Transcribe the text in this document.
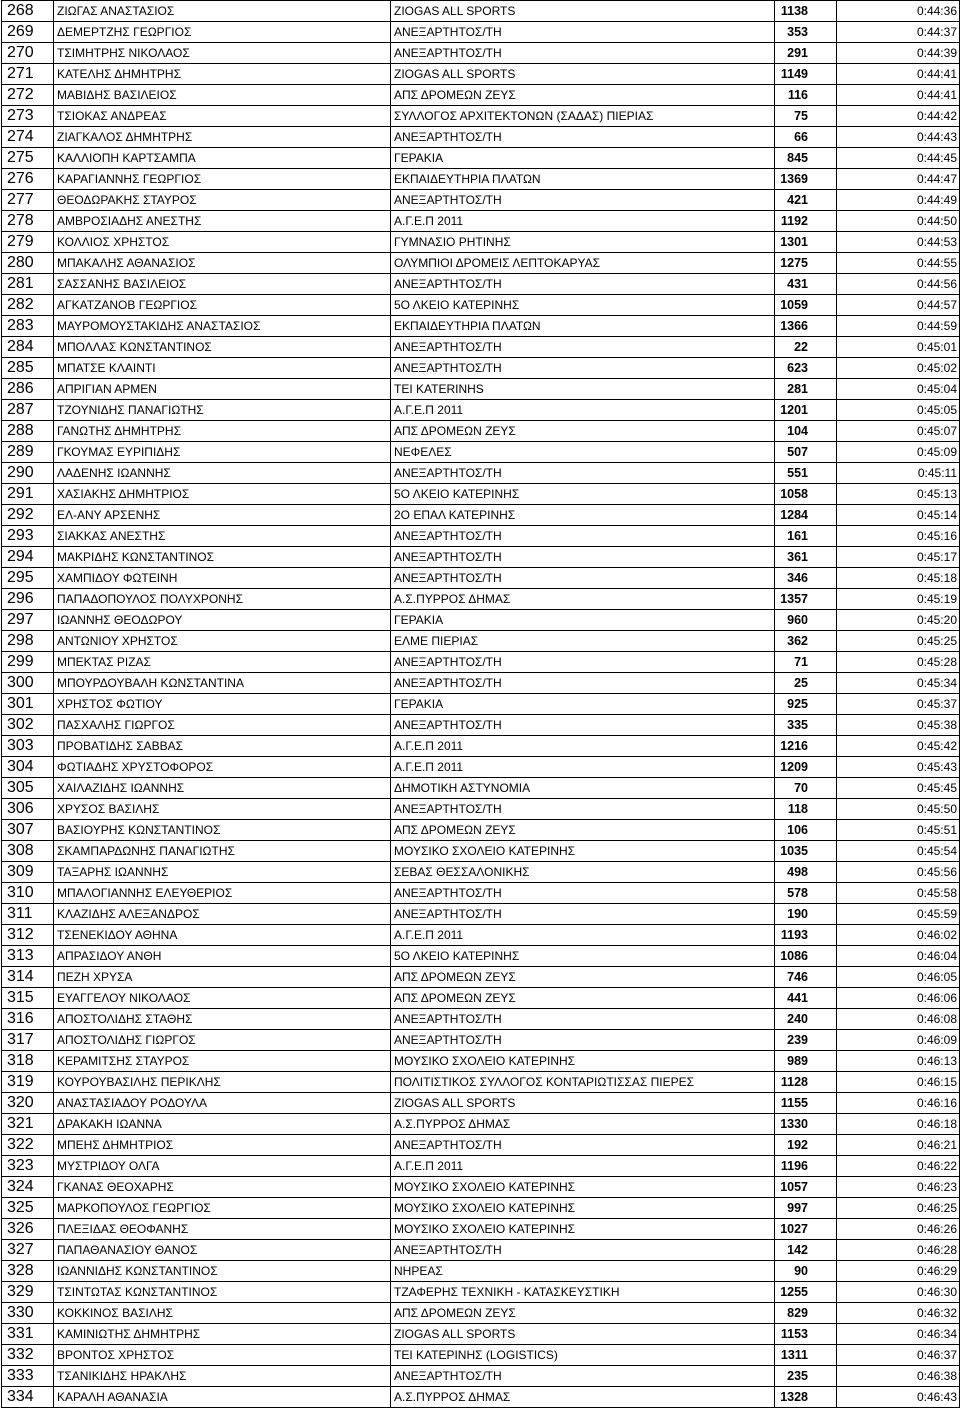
268	ΖΙΩΓΑΣ ΑΝΑΣΤΑΣΙΟΣ	ZIOGAS ALL SPORTS	1138	0:44:36
269	ΔΕΜΕΡΤΖΗΣ ΓΕΩΡΓΙΟΣ	ΑΝΕΞΑΡΤΗΤΟΣ/ΤΗ	353	0:44:37
270	ΤΣΙΜΗΤΡΗΣ ΝΙΚΟΛΑΟΣ	ΑΝΕΞΑΡΤΗΤΟΣ/ΤΗ	291	0:44:39
271	ΚΑΤΕΛΗΣ ΔΗΜΗΤΡΗΣ	ZIOGAS ALL SPORTS	1149	0:44:41
272	ΜΑΒΙΔΗΣ ΒΑΣΙΛΕΙΟΣ	ΑΠΣ ΔΡΟΜΕΩΝ ΖΕΥΣ	116	0:44:41
273	ΤΣΙΟΚΑΣ ΑΝΔΡΕΑΣ	ΣΥΛΛΟΓΟΣ ΑΡΧΙΤΕΚΤΟΝΩΝ (ΣΑΔΑΣ) ΠΙΕΡΙΑΣ	75	0:44:42
274	ΖΙΑΓΚΑΛΟΣ ΔΗΜΗΤΡΗΣ	ΑΝΕΞΑΡΤΗΤΟΣ/ΤΗ	66	0:44:43
275	ΚΑΛΛΙΟΠΗ ΚΑΡΤΣΑΜΠΑ	ΓΕΡΑΚΙΑ	845	0:44:45
276	ΚΑΡΑΓΙΑΝΝΗΣ ΓΕΩΡΓΙΟΣ	ΕΚΠΑΙΔΕΥΤΗΡΙΑ ΠΛΑΤΩΝ	1369	0:44:47
277	ΘΕΟΔΩΡΑΚΗΣ ΣΤΑΥΡΟΣ	ΑΝΕΞΑΡΤΗΤΟΣ/ΤΗ	421	0:44:49
278	ΑΜΒΡΟΣΙΑΔΗΣ ΑΝΕΣΤΗΣ	Α.Γ.Ε.Π 2011	1192	0:44:50
279	ΚΟΛΛΙΟΣ ΧΡΗΣΤΟΣ	ΓΥΜΝΑΣΙΟ ΡΗΤΙΝΗΣ	1301	0:44:53
280	ΜΠΑΚΑΛΗΣ ΑΘΑΝΑΣΙΟΣ	ΟΛΥΜΠΙΟΙ ΔΡΟΜΕΙΣ ΛΕΠΤΟΚΑΡΥΑΣ	1275	0:44:55
281	ΣΑΣΣΑΝΗΣ ΒΑΣΙΛΕΙΟΣ	ΑΝΕΞΑΡΤΗΤΟΣ/ΤΗ	431	0:44:56
282	ΑΓΚΑΤΖΑΝΟΒ ΓΕΩΡΓΙΟΣ	5Ο ΛΚΕΙΟ ΚΑΤΕΡΙΝΗΣ	1059	0:44:57
283	ΜΑΥΡΟΜΟΥΣΤΑΚΙΔΗΣ ΑΝΑΣΤΑΣΙΟΣ	ΕΚΠΑΙΔΕΥΤΗΡΙΑ ΠΛΑΤΩΝ	1366	0:44:59
284	ΜΠΟΛΛΑΣ ΚΩΝΣΤΑΝΤΙΝΟΣ	ΑΝΕΞΑΡΤΗΤΟΣ/ΤΗ	22	0:45:01
285	ΜΠΑΤΣΕ ΚΛΑΙΝΤΙ	ΑΝΕΞΑΡΤΗΤΟΣ/ΤΗ	623	0:45:02
286	ΑΠΡΙΓΙΑΝ ΑΡΜΕΝ	ΤΕΙ KATERINHS	281	0:45:04
287	ΤΖΟΥΝΙΔΗΣ ΠΑΝΑΓΙΩΤΗΣ	Α.Γ.Ε.Π 2011	1201	0:45:05
288	ΓΑΝΩΤΗΣ ΔΗΜΗΤΡΗΣ	ΑΠΣ ΔΡΟΜΕΩΝ ΖΕΥΣ	104	0:45:07
289	ΓΚΟΥΜΑΣ ΕΥΡΙΠΙΔΗΣ	ΝΕΦΕΛΕΣ	507	0:45:09
290	ΛΑΔΕΝΗΣ ΙΩΑΝΝΗΣ	ΑΝΕΞΑΡΤΗΤΟΣ/ΤΗ	551	0:45:11
291	ΧΑΣΙΑΚΗΣ ΔΗΜΗΤΡΙΟΣ	5Ο ΛΚΕΙΟ ΚΑΤΕΡΙΝΗΣ	1058	0:45:13
292	ΕΛ-ΑΝΥ ΑΡΣΕΝΗΣ	2Ο ΕΠΑΛ ΚΑΤΕΡΙΝΗΣ	1284	0:45:14
293	ΣΙΑΚΚΑΣ ΑΝΕΣΤΗΣ	ΑΝΕΞΑΡΤΗΤΟΣ/ΤΗ	161	0:45:16
294	ΜΑΚΡΙΔΗΣ ΚΩΝΣΤΑΝΤΙΝΟΣ	ΑΝΕΞΑΡΤΗΤΟΣ/ΤΗ	361	0:45:17
295	ΧΑΜΠΙΔΟΥ ΦΩΤΕΙΝΗ	ΑΝΕΞΑΡΤΗΤΟΣ/ΤΗ	346	0:45:18
296	ΠΑΠΑΔΟΠΟΥΛΟΣ ΠΟΛΥΧΡΟΝΗΣ	Α.Σ.ΠΥΡΡΟΣ ΔΗΜΑΣ	1357	0:45:19
297	ΙΩΑΝΝΗΣ ΘΕΟΔΩΡΟΥ	ΓΕΡΑΚΙΑ	960	0:45:20
298	ΑΝΤΩΝΙΟΥ ΧΡΗΣΤΟΣ	ΕΛΜΕ ΠΙΕΡΙΑΣ	362	0:45:25
299	ΜΠΕΚΤΑΣ ΡΙΖΑΣ	ΑΝΕΞΑΡΤΗΤΟΣ/ΤΗ	71	0:45:28
300	ΜΠΟΥΡΔΟΥΒΑΛΗ ΚΩΝΣΤΑΝΤΙΝΑ	ΑΝΕΞΑΡΤΗΤΟΣ/ΤΗ	25	0:45:34
301	ΧΡΗΣΤΟΣ ΦΩΤΙΟΥ	ΓΕΡΑΚΙΑ	925	0:45:37
302	ΠΑΣΧΑΛΗΣ ΓΙΩΡΓΟΣ	ΑΝΕΞΑΡΤΗΤΟΣ/ΤΗ	335	0:45:38
303	ΠΡΟΒΑΤΙΔΗΣ ΣΑΒΒΑΣ	Α.Γ.Ε.Π 2011	1216	0:45:42
304	ΦΩΤΙΑΔΗΣ ΧΡΥΣΤΟΦΟΡΟΣ	Α.Γ.Ε.Π 2011	1209	0:45:43
305	ΧΑΙΛΑΖΙΔΗΣ ΙΩΑΝΝΗΣ	ΔΗΜΟΤΙΚΗ ΑΣΤΥΝΟΜΙΑ	70	0:45:45
306	ΧΡΥΣΟΣ ΒΑΣΙΛΗΣ	ΑΝΕΞΑΡΤΗΤΟΣ/ΤΗ	118	0:45:50
307	ΒΑΣΙΟΥΡΗΣ ΚΩΝΣΤΑΝΤΙΝΟΣ	ΑΠΣ ΔΡΟΜΕΩΝ ΖΕΥΣ	106	0:45:51
308	ΣΚΑΜΠΑΡΔΩΝΗΣ ΠΑΝΑΓΙΩΤΗΣ	ΜΟΥΣΙΚΟ ΣΧΟΛΕΙΟ ΚΑΤΕΡΙΝΗΣ	1035	0:45:54
309	ΤΑΞΑΡΗΣ ΙΩΑΝΝΗΣ	ΣΕΒΑΣ ΘΕΣΣΑΛΟΝΙΚΗΣ	498	0:45:56
310	ΜΠΑΛΟΓΙΑΝΝΗΣ ΕΛΕΥΘΕΡΙΟΣ	ΑΝΕΞΑΡΤΗΤΟΣ/ΤΗ	578	0:45:58
311	ΚΛΑΖΙΔΗΣ ΑΛΕΞΑΝΔΡΟΣ	ΑΝΕΞΑΡΤΗΤΟΣ/ΤΗ	190	0:45:59
312	ΤΣΕΝΕΚΙΔΟΥ ΑΘΗΝΑ	Α.Γ.Ε.Π 2011	1193	0:46:02
313	ΑΠΡΑΣΙΔΟΥ ΑΝΘΗ	5Ο ΛΚΕΙΟ ΚΑΤΕΡΙΝΗΣ	1086	0:46:04
314	ΠΕΖΗ ΧΡΥΣΑ	ΑΠΣ ΔΡΟΜΕΩΝ ΖΕΥΣ	746	0:46:05
315	ΕΥΑΓΓΕΛΟΥ ΝΙΚΟΛΑΟΣ	ΑΠΣ ΔΡΟΜΕΩΝ ΖΕΥΣ	441	0:46:06
316	ΑΠΟΣΤΟΛΙΔΗΣ ΣΤΑΘΗΣ	ΑΝΕΞΑΡΤΗΤΟΣ/ΤΗ	240	0:46:08
317	ΑΠΟΣΤΟΛΙΔΗΣ ΓΙΩΡΓΟΣ	ΑΝΕΞΑΡΤΗΤΟΣ/ΤΗ	239	0:46:09
318	ΚΕΡΑΜΙΤΣΗΣ ΣΤΑΥΡΟΣ	ΜΟΥΣΙΚΟ ΣΧΟΛΕΙΟ ΚΑΤΕΡΙΝΗΣ	989	0:46:13
319	ΚΟΥΡΟΥΒΑΣΙΛΗΣ ΠΕΡΙΚΛΗΣ	ΠΟΛΙΤΙΣΤΙΚΟΣ ΣΥΛΛΟΓΟΣ ΚΟΝΤΑΡΙΩΤΙΣΣΑΣ ΠΙΕΡΕΣ	1128	0:46:15
320	ΑΝΑΣΤΑΣΙΑΔΟΥ ΡΟΔΟΥΛΑ	ZIOGAS ALL SPORTS	1155	0:46:16
321	ΔΡΑΚΑΚΗ ΙΩΑΝΝΑ	Α.Σ.ΠΥΡΡΟΣ ΔΗΜΑΣ	1330	0:46:18
322	ΜΠΕΗΣ ΔΗΜΗΤΡΙΟΣ	ΑΝΕΞΑΡΤΗΤΟΣ/ΤΗ	192	0:46:21
323	ΜΥΣΤΡΙΔΟΥ ΟΛΓΑ	Α.Γ.Ε.Π 2011	1196	0:46:22
324	ΓΚΑΝΑΣ ΘΕΟΧΑΡΗΣ	ΜΟΥΣΙΚΟ ΣΧΟΛΕΙΟ ΚΑΤΕΡΙΝΗΣ	1057	0:46:23
325	ΜΑΡΚΟΠΟΥΛΟΣ ΓΕΩΡΓΙΟΣ	ΜΟΥΣΙΚΟ ΣΧΟΛΕΙΟ ΚΑΤΕΡΙΝΗΣ	997	0:46:25
326	ΠΛΕΞΙΔΑΣ ΘΕΟΦΑΝΗΣ	ΜΟΥΣΙΚΟ ΣΧΟΛΕΙΟ ΚΑΤΕΡΙΝΗΣ	1027	0:46:26
327	ΠΑΠΑΘΑΝΑΣΙΟΥ ΘΑΝΟΣ	ΑΝΕΞΑΡΤΗΤΟΣ/ΤΗ	142	0:46:28
328	ΙΩΑΝΝΙΔΗΣ ΚΩΝΣΤΑΝΤΙΝΟΣ	ΝΗΡΕΑΣ	90	0:46:29
329	ΤΣΙΝΤΩΤΑΣ ΚΩΝΣΤΑΝΤΙΝΟΣ	ΤΖΑΦΕΡΗΣ ΤΕΧΝΙΚΗ - ΚΑΤΑΣΚΕΥΣΤΙΚΗ	1255	0:46:30
330	ΚΟΚΚΙΝΟΣ ΒΑΣΙΛΗΣ	ΑΠΣ ΔΡΟΜΕΩΝ ΖΕΥΣ	829	0:46:32
331	ΚΑΜΙΝΙΩΤΗΣ ΔΗΜΗΤΡΗΣ	ZIOGAS ALL SPORTS	1153	0:46:34
332	ΒΡΟΝΤΟΣ ΧΡΗΣΤΟΣ	ΤΕΙ ΚΑΤΕΡΙΝΗΣ (LOGISTICS)	1311	0:46:37
333	ΤΣΑΝΙΚΙΔΗΣ ΗΡΑΚΛΗΣ	ΑΝΕΞΑΡΤΗΤΟΣ/ΤΗ	235	0:46:38
334	ΚΑΡΑΛΗ ΑΘΑΝΑΣΙΑ	Α.Σ.ΠΥΡΡΟΣ ΔΗΜΑΣ	1328	0:46:43
